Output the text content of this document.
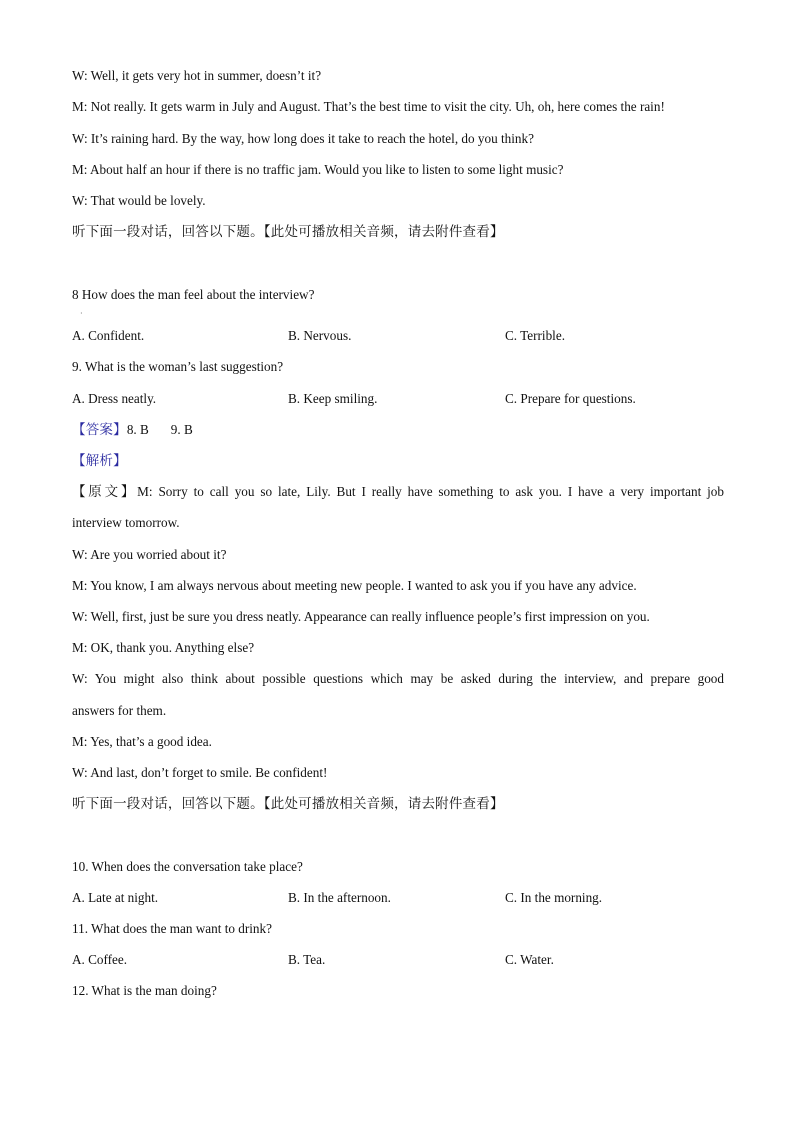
W: Well, it gets very hot in summer, doesn’t it?
M: Not really. It gets warm in July and August. That’s the best time to visit the city. Uh, oh, here comes the rain!
W: It’s raining hard. By the way, how long does it take to reach the hotel, do you think?
M: About half an hour if there is no traffic jam. Would you like to listen to some light music?
W: That would be lovely.
听下面一段对话，回答以下题。【此处可播放相关音频，请去附件查看】
8 How does the man feel about the interview?
·
A. Confident.	B. Nervous.	C. Terrible.
9. What is the woman’s last suggestion?
A. Dress neatly.	B. Keep smiling.	C. Prepare for questions.
【答案】8. B 9. B
【解析】
【原文】M: Sorry to call you so late, Lily. But I really have something to ask you. I have a very important job
interview tomorrow.
W: Are you worried about it?
M: You know, I am always nervous about meeting new people. I wanted to ask you if you have any advice.
W: Well, first, just be sure you dress neatly. Appearance can really influence people’s first impression on you.
M: OK, thank you. Anything else?
W: You might also think about possible questions which may be asked during the interview, and prepare good
answers for them.
M: Yes, that’s a good idea.
W: And last, don’t forget to smile. Be confident!
听下面一段对话，回答以下题。【此处可播放相关音频，请去附件查看】
10. When does the conversation take place?
A. Late at night.	B. In the afternoon.	C. In the morning.
11. What does the man want to drink?
A. Coffee.	B. Tea.	C. Water.
12. What is the man doing?
